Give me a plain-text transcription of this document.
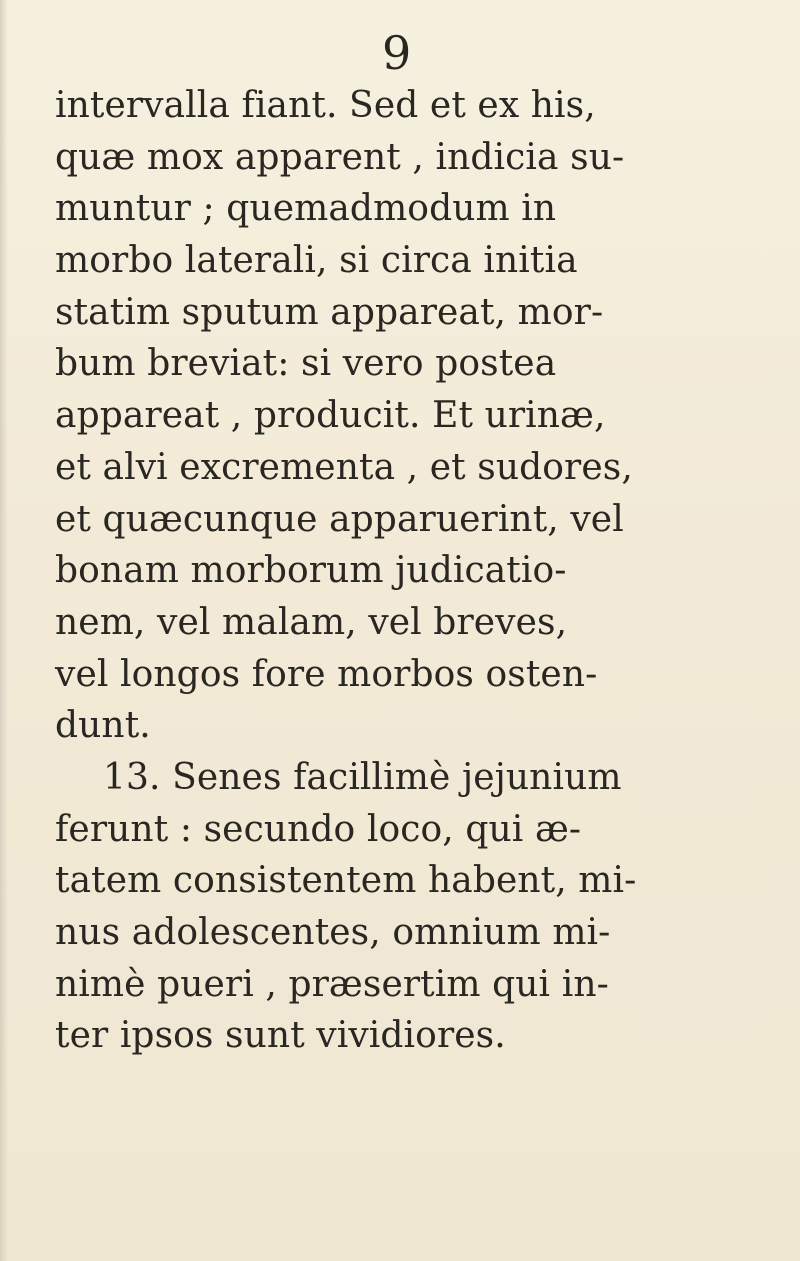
9
intervalla fiant. Sed et ex his,
quæ mox apparent , indicia su-
muntur ; quemadmodum in
morbo laterali, si circa initia
statim sputum appareat, mor-
bum breviat: si vero postea
appareat , producit. Et urinæ,
et alvi excrementa , et sudores,
et quæcunque apparuerint, vel
bonam morborum judicatio-
nem, vel malam, vel breves,
vel longos fore morbos osten-
dunt.
13. Senes facillimè jejunium
ferunt : secundo loco, qui æ-
tatem consistentem habent, mi-
nus adolescentes, omnium mi-
nimè pueri , præsertim qui in-
ter ipsos sunt vividiores.
